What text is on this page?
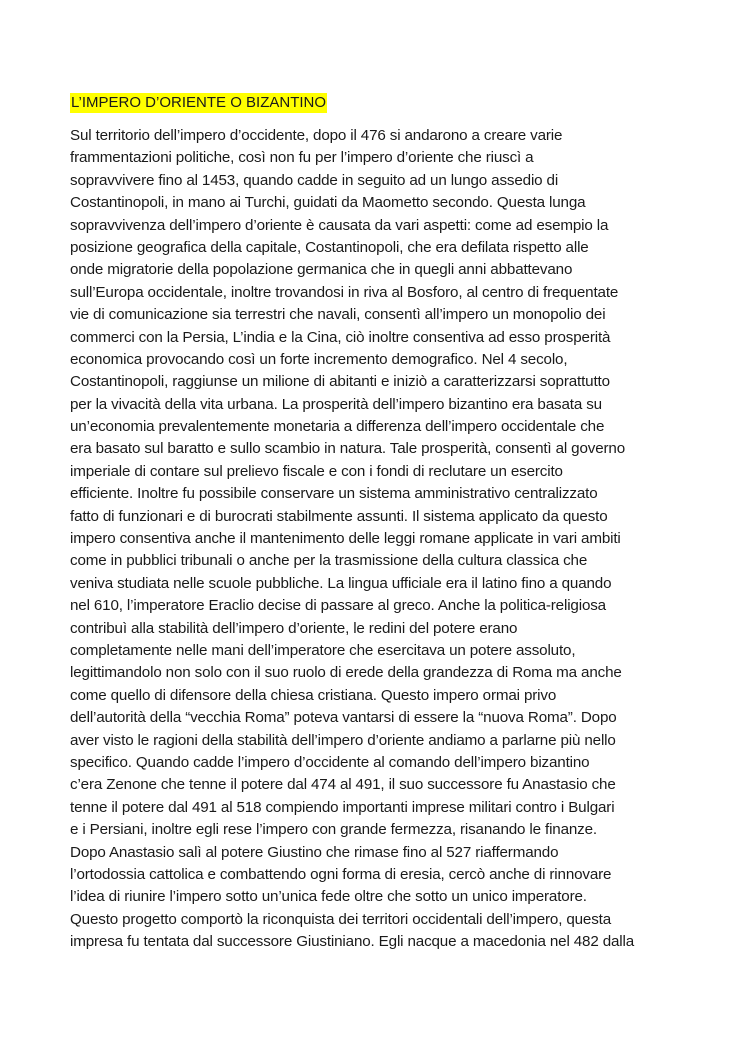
L’IMPERO D’ORIENTE O BIZANTINO
Sul territorio dell’impero d’occidente, dopo il 476 si andarono a creare varie
frammentazioni politiche, così non fu per l’impero d’oriente che riuscì a
sopravvivere fino al 1453, quando cadde in seguito ad un lungo assedio di
Costantinopoli, in mano ai Turchi, guidati da Maometto secondo. Questa lunga
sopravvivenza dell’impero d’oriente è causata da vari aspetti: come ad esempio la
posizione geografica della capitale, Costantinopoli, che era defilata rispetto alle
onde migratorie della popolazione germanica che in quegli anni abbattevano
sull’Europa occidentale, inoltre trovandosi in riva al Bosforo, al centro di frequentate
vie di comunicazione sia terrestri che navali, consentì all’impero un monopolio dei
commerci con la Persia, L’india e la Cina, ciò inoltre consentiva ad esso prosperità
economica provocando così un forte incremento demografico. Nel 4 secolo,
Costantinopoli, raggiunse un milione di abitanti e iniziò a caratterizzarsi soprattutto
per la vivacità della vita urbana. La prosperità dell’impero bizantino era basata su
un’economia prevalentemente monetaria a differenza dell’impero occidentale che
era basato sul baratto e sullo scambio in natura. Tale prosperità, consentì al governo
imperiale di contare sul prelievo fiscale e con i fondi di reclutare un esercito
efficiente. Inoltre fu possibile conservare un sistema amministrativo centralizzato
fatto di funzionari e di burocrati stabilmente assunti. Il sistema applicato da questo
impero consentiva anche il mantenimento delle leggi romane applicate in vari ambiti
come in pubblici tribunali o anche per la trasmissione della cultura classica che
veniva studiata nelle scuole pubbliche. La lingua ufficiale era il latino fino a quando
nel 610, l’imperatore Eraclio decise di passare al greco. Anche la politica-religiosa
contribuì alla stabilità dell’impero d’oriente, le redini del potere erano
completamente nelle mani dell’imperatore che esercitava un potere assoluto,
legittimandolo non solo con il suo ruolo di erede della grandezza di Roma ma anche
come quello di difensore della chiesa cristiana. Questo impero ormai privo
dell’autorità della “vecchia Roma” poteva vantarsi di essere la “nuova Roma”. Dopo
aver visto le ragioni della stabilità dell’impero d’oriente andiamo a parlarne più nello
specifico. Quando cadde l’impero d’occidente al comando dell’impero bizantino
c’era Zenone che tenne il potere dal 474 al 491, il suo successore fu Anastasio che
tenne il potere dal 491 al 518 compiendo importanti imprese militari contro i Bulgari
e i Persiani, inoltre egli rese l’impero con grande fermezza, risanando le finanze.
Dopo Anastasio salì al potere Giustino che rimase fino al 527 riaffermando
l’ortodossia cattolica e combattendo ogni forma di eresia, cercò anche di rinnovare
l’idea di riunire l’impero sotto un’unica fede oltre che sotto un unico imperatore.
Questo progetto comportò la riconquista dei territori occidentali dell’impero, questa
impresa fu tentata dal successore Giustiniano. Egli nacque a macedonia nel 482 dalla
